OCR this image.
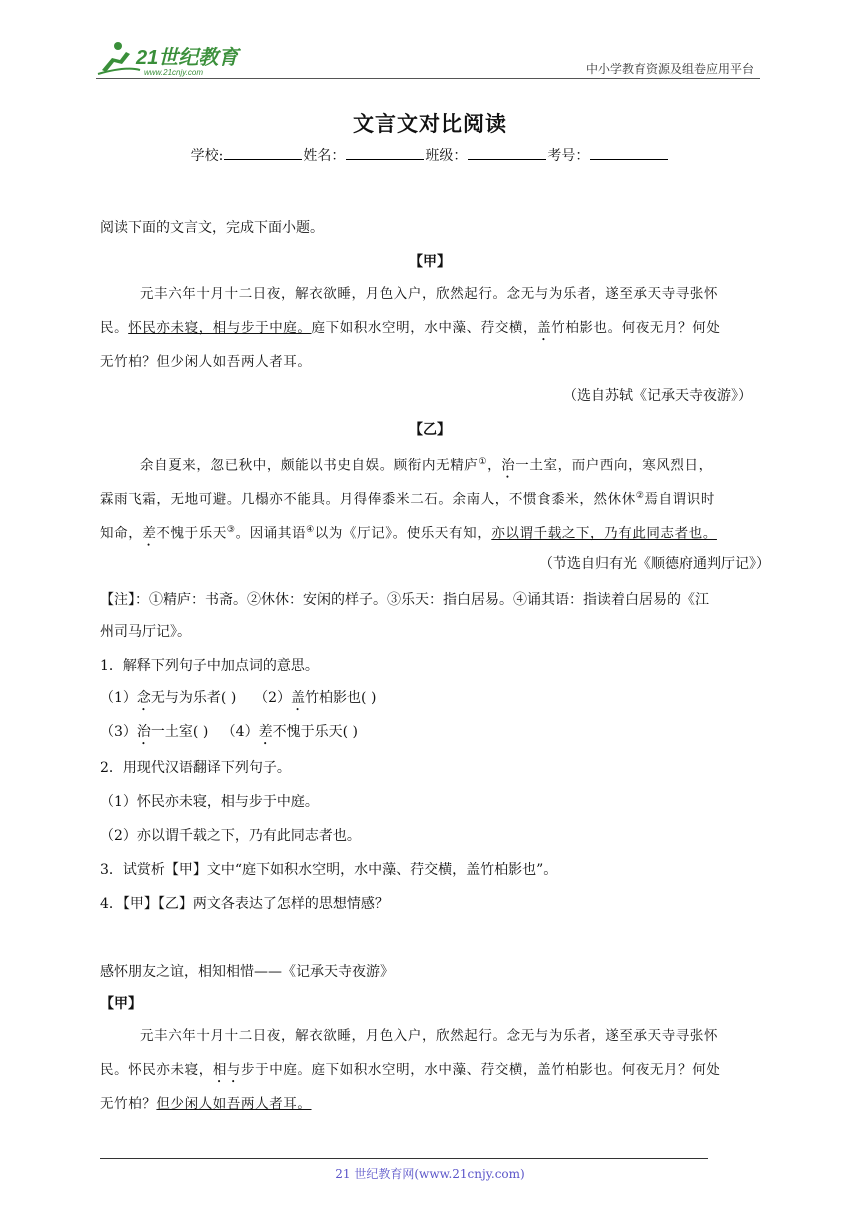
21世纪教育
www.21cnjy.com	中小学教育资源及组卷应用平台
文言文对比阅读
学校:	姓名：	班级：	考号：
阅读下面的文言文，完成下面小题。
【甲】
元丰六年十月十二日夜，解衣欲睡，月色入户，欣然起行。念无与为乐者，遂至承天寺寻张怀
民。怀民亦未寝，相与步于中庭。庭下如积水空明，水中藻、荇交横，盖竹柏影也。何夜无月？何处
无竹柏？但少闲人如吾两人者耳。
（选自苏轼《记承天寺夜游》）
【乙】
余自夏来，忽已秋中，颇能以书史自娱。顾衔内无精庐①，治一土室，而户西向，寒风烈日，
霖雨飞霜，无地可避。几榻亦不能具。月得俸黍米二石。余南人，不惯食黍米，然休休②焉自谓识时
知命，差不愧于乐天③。因诵其语④以为《厅记》。使乐天有知，亦以谓千载之下，乃有此同志者也。
（节选自归有光《顺德府通判厅记》）
【注】：①精庐：书斋。②休休：安闲的样子。③乐天：指白居易。④诵其语：指读着白居易的《江
州司马厅记》。
1．解释下列句子中加点词的意思。
（1）念无与为乐者( ) （2）盖竹柏影也( )
（3）治一土室( ) （4）差不愧于乐天( )
2．用现代汉语翻译下列句子。
（1）怀民亦未寝，相与步于中庭。
（2）亦以谓千载之下，乃有此同志者也。
3．试赏析【甲】文中“庭下如积水空明，水中藻、荇交横，盖竹柏影也”。
4．【甲】【乙】两文各表达了怎样的思想情感？
感怀朋友之谊，相知相惜——《记承天寺夜游》
【甲】
元丰六年十月十二日夜，解衣欲睡，月色入户，欣然起行。念无与为乐者，遂至承天寺寻张怀
民。怀民亦未寝，相与步于中庭。庭下如积水空明，水中藻、荇交横，盖竹柏影也。何夜无月？何处
无竹柏？但少闲人如吾两人者耳。
21 世纪教育网(www.21cnjy.com)
